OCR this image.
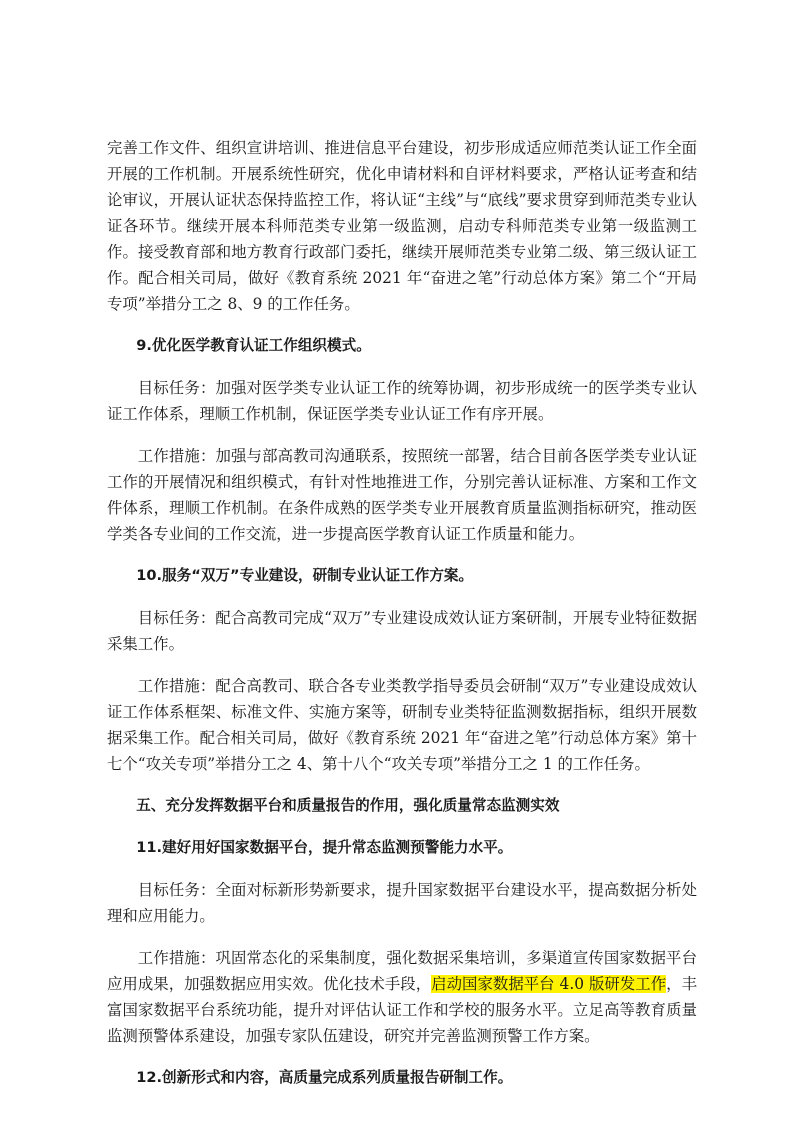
完善工作文件、组织宣讲培训、推进信息平台建设，初步形成适应师范类认证工作全面开展的工作机制。开展系统性研究，优化申请材料和自评材料要求，严格认证考查和结论审议，开展认证状态保持监控工作，将认证“主线”与“底线”要求贯穿到师范类专业认证各环节。继续开展本科师范类专业第一级监测，启动专科师范类专业第一级监测工作。接受教育部和地方教育行政部门委托，继续开展师范类专业第二级、第三级认证工作。配合相关司局，做好《教育系统 2021 年“奋进之笔”行动总体方案》第二个“开局专项”举措分工之 8、9 的工作任务。

9.优化医学教育认证工作组织模式。

目标任务：加强对医学类专业认证工作的统筹协调，初步形成统一的医学类专业认证工作体系，理顺工作机制，保证医学类专业认证工作有序开展。

工作措施：加强与部高教司沟通联系，按照统一部署，结合目前各医学类专业认证工作的开展情况和组织模式，有针对性地推进工作，分别完善认证标准、方案和工作文件体系，理顺工作机制。在条件成熟的医学类专业开展教育质量监测指标研究，推动医学类各专业间的工作交流，进一步提高医学教育认证工作质量和能力。

10.服务“双万”专业建设，研制专业认证工作方案。

目标任务：配合高教司完成“双万”专业建设成效认证方案研制，开展专业特征数据采集工作。

工作措施：配合高教司、联合各专业类教学指导委员会研制“双万”专业建设成效认证工作体系框架、标准文件、实施方案等，研制专业类特征监测数据指标，组织开展数据采集工作。配合相关司局，做好《教育系统 2021 年“奋进之笔”行动总体方案》第十七个“攻关专项”举措分工之 4、第十八个“攻关专项”举措分工之 1 的工作任务。

五、充分发挥数据平台和质量报告的作用，强化质量常态监测实效

11.建好用好国家数据平台，提升常态监测预警能力水平。

目标任务：全面对标新形势新要求，提升国家数据平台建设水平，提高数据分析处理和应用能力。

工作措施：巩固常态化的采集制度，强化数据采集培训，多渠道宣传国家数据平台应用成果，加强数据应用实效。优化技术手段，启动国家数据平台 4.0 版研发工作，丰富国家数据平台系统功能，提升对评估认证工作和学校的服务水平。立足高等教育质量监测预警体系建设，加强专家队伍建设，研究并完善监测预警工作方案。

12.创新形式和内容，高质量完成系列质量报告研制工作。
